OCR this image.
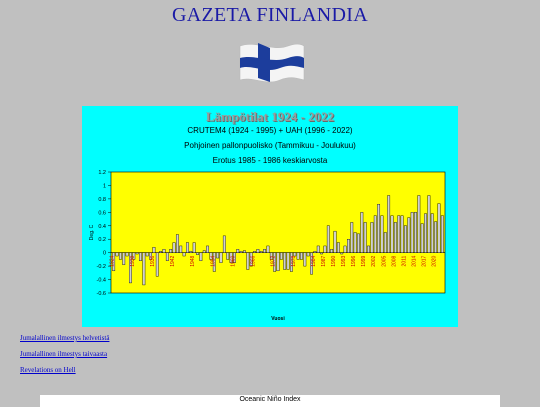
GAZETA FINLANDIA
1.2
1
0.8
0.6
0.4
0.2
0
-0.2
-0.4
-0.6
1924	1930	1936	1942	1948	1954	1960	1966	1972	1978	1984 1987 1990 1993 1996 1999 2002 2005 2008 2011 2014 2017 2020
Deg. C
Vuosi
Lämpötilat 1924 - 2022
CRUTEM4 (1924 - 1995) + UAH (1996 - 2022)
Pohjoinen pallonpuolisko (Tammikuu - Joulukuu)
Erotus 1985 - 1986 keskiarvosta
Jumalallinen ilmestys helvetistä
Jumalallinen ilmestys taivaasta
Revelations on Hell
Oceanic Niño Index
